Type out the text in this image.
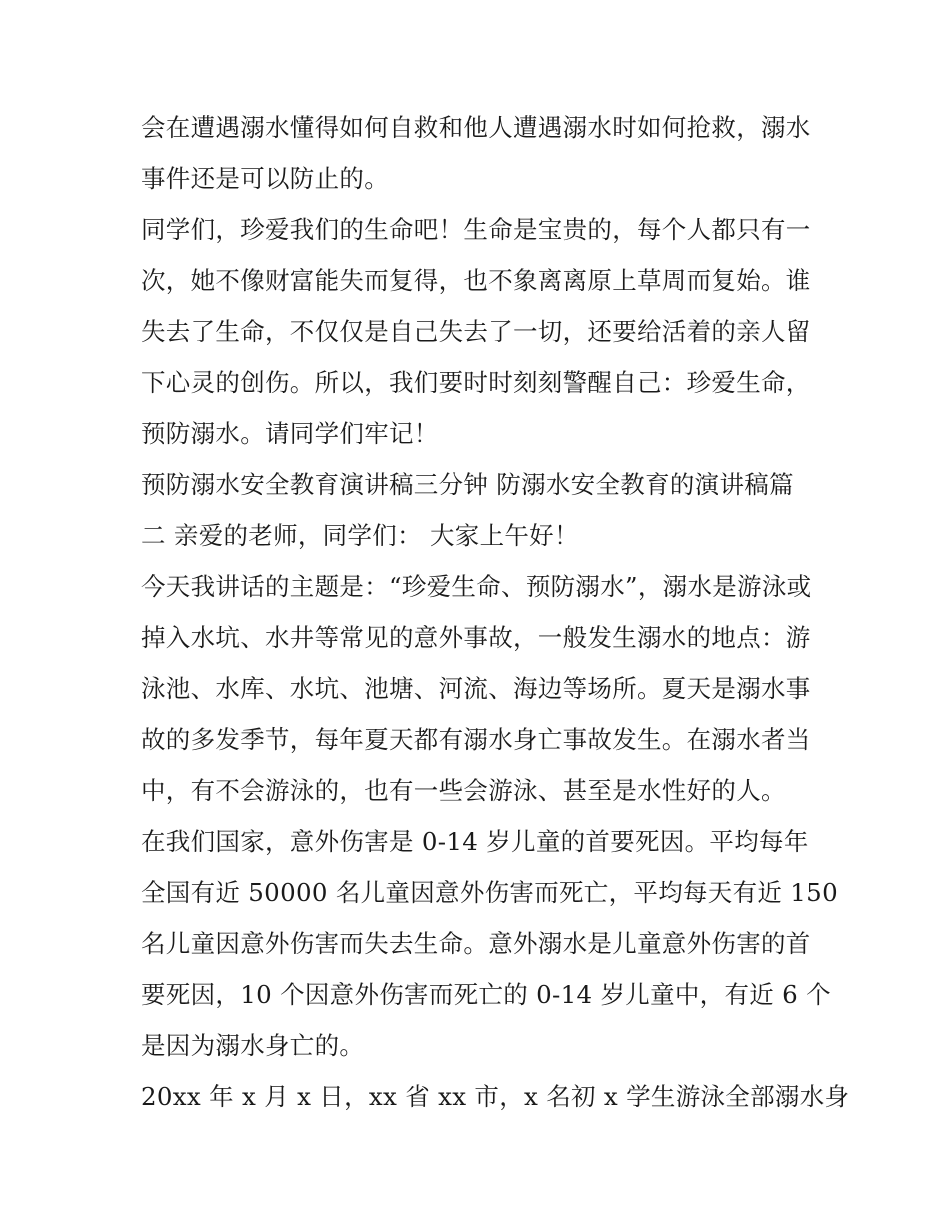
会在遭遇溺水懂得如何自救和他人遭遇溺水时如何抢救，溺水
事件还是可以防止的。
同学们，珍爱我们的生命吧！生命是宝贵的，每个人都只有一
次，她不像财富能失而复得，也不象离离原上草周而复始。谁
失去了生命，不仅仅是自己失去了一切，还要给活着的亲人留
下心灵的创伤。所以，我们要时时刻刻警醒自己：珍爱生命，
预防溺水。请同学们牢记！
预防溺水安全教育演讲稿三分钟 防溺水安全教育的演讲稿篇
二 亲爱的老师，同学们： 大家上午好！
今天我讲话的主题是：“珍爱生命、预防溺水”，溺水是游泳或
掉入水坑、水井等常见的意外事故，一般发生溺水的地点：游
泳池、水库、水坑、池塘、河流、海边等场所。夏天是溺水事
故的多发季节，每年夏天都有溺水身亡事故发生。在溺水者当
中，有不会游泳的，也有一些会游泳、甚至是水性好的人。
在我们国家，意外伤害是 0-14 岁儿童的首要死因。平均每年
全国有近 50000 名儿童因意外伤害而死亡，平均每天有近 150
名儿童因意外伤害而失去生命。意外溺水是儿童意外伤害的首
要死因，10 个因意外伤害而死亡的 0-14 岁儿童中，有近 6 个
是因为溺水身亡的。
20xx 年 x 月 x 日，xx 省 xx 市，x 名初 x 学生游泳全部溺水身
